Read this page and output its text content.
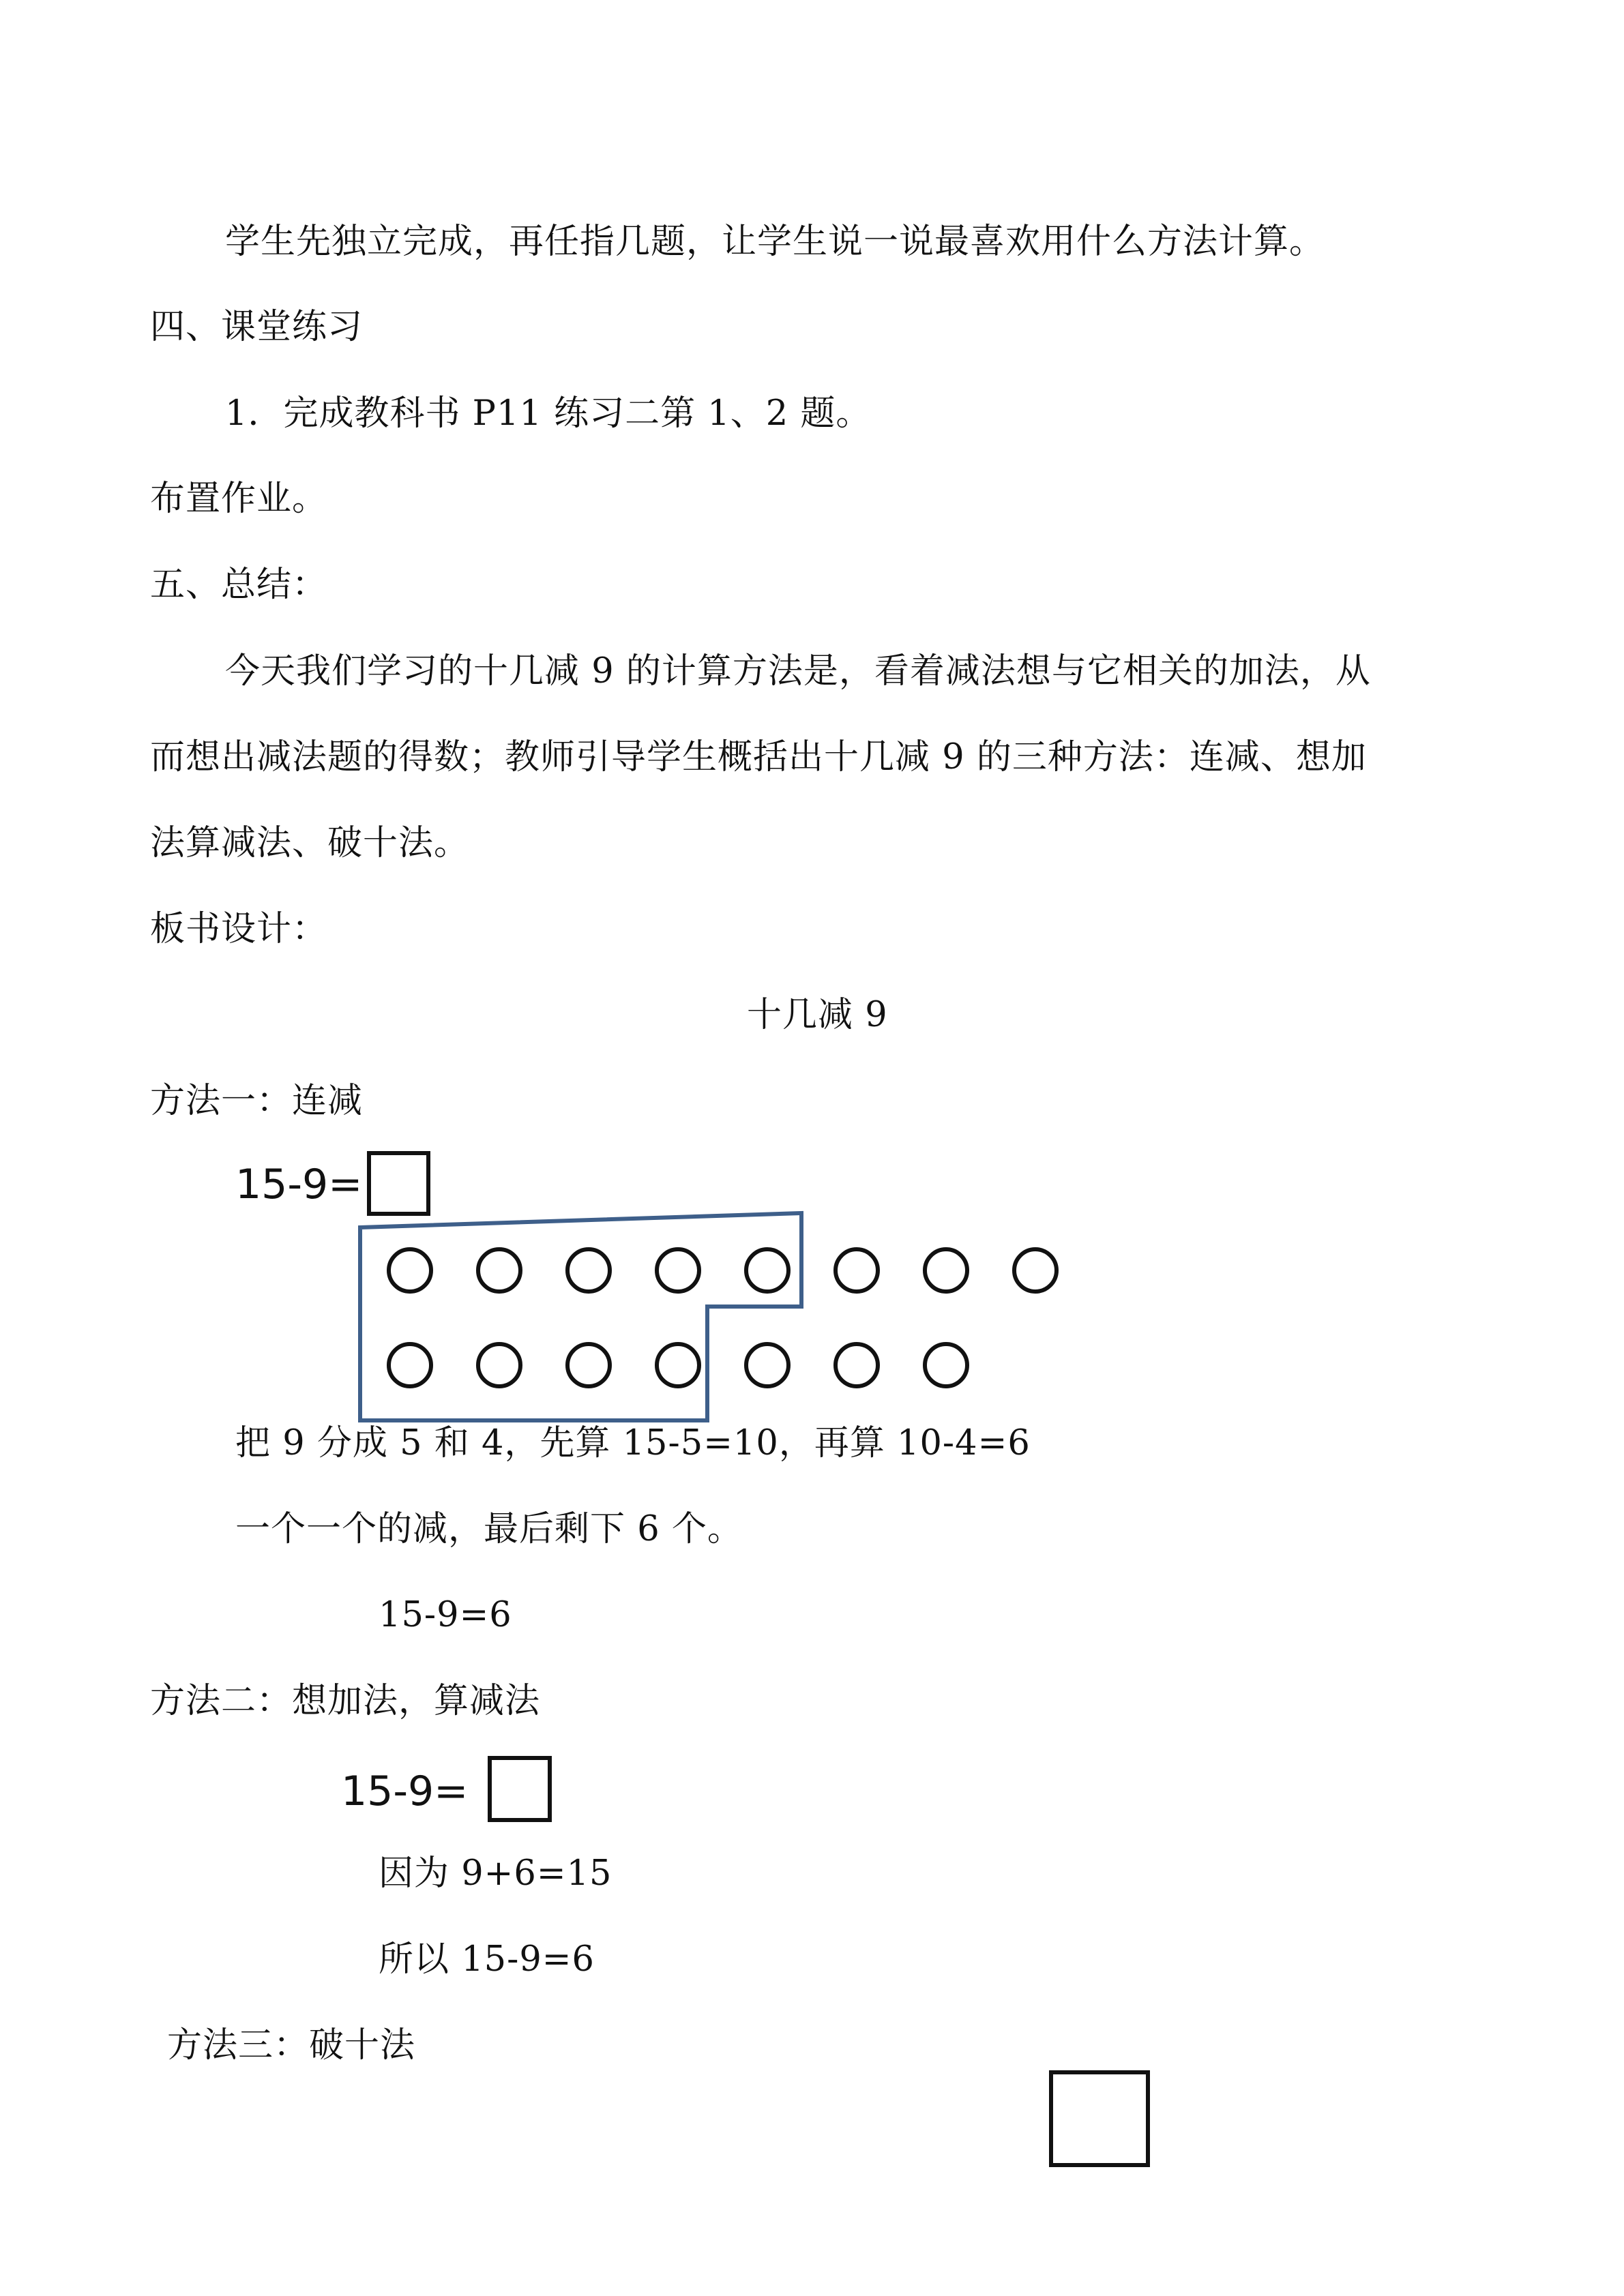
学生先独立完成，再任指几题，让学生说一说最喜欢用什么方法计算。
四、课堂练习
1．完成教科书 P11 练习二第 1、2 题。
布置作业。
五、总结：
今天我们学习的十几减 9 的计算方法是，看着减法想与它相关的加法，从
而想出减法题的得数；教师引导学生概括出十几减 9 的三种方法：连减、想加
法算减法、破十法。
板书设计：
十几减 9
方法一：连减
15-9=
把 9 分成 5 和 4，先算 15-5=10，再算 10-4=6
一个一个的减，最后剩下 6 个。
15-9=6
方法二：想加法，算减法
15-9=
因为 9+6=15
所以 15-9=6
方法三：破十法
